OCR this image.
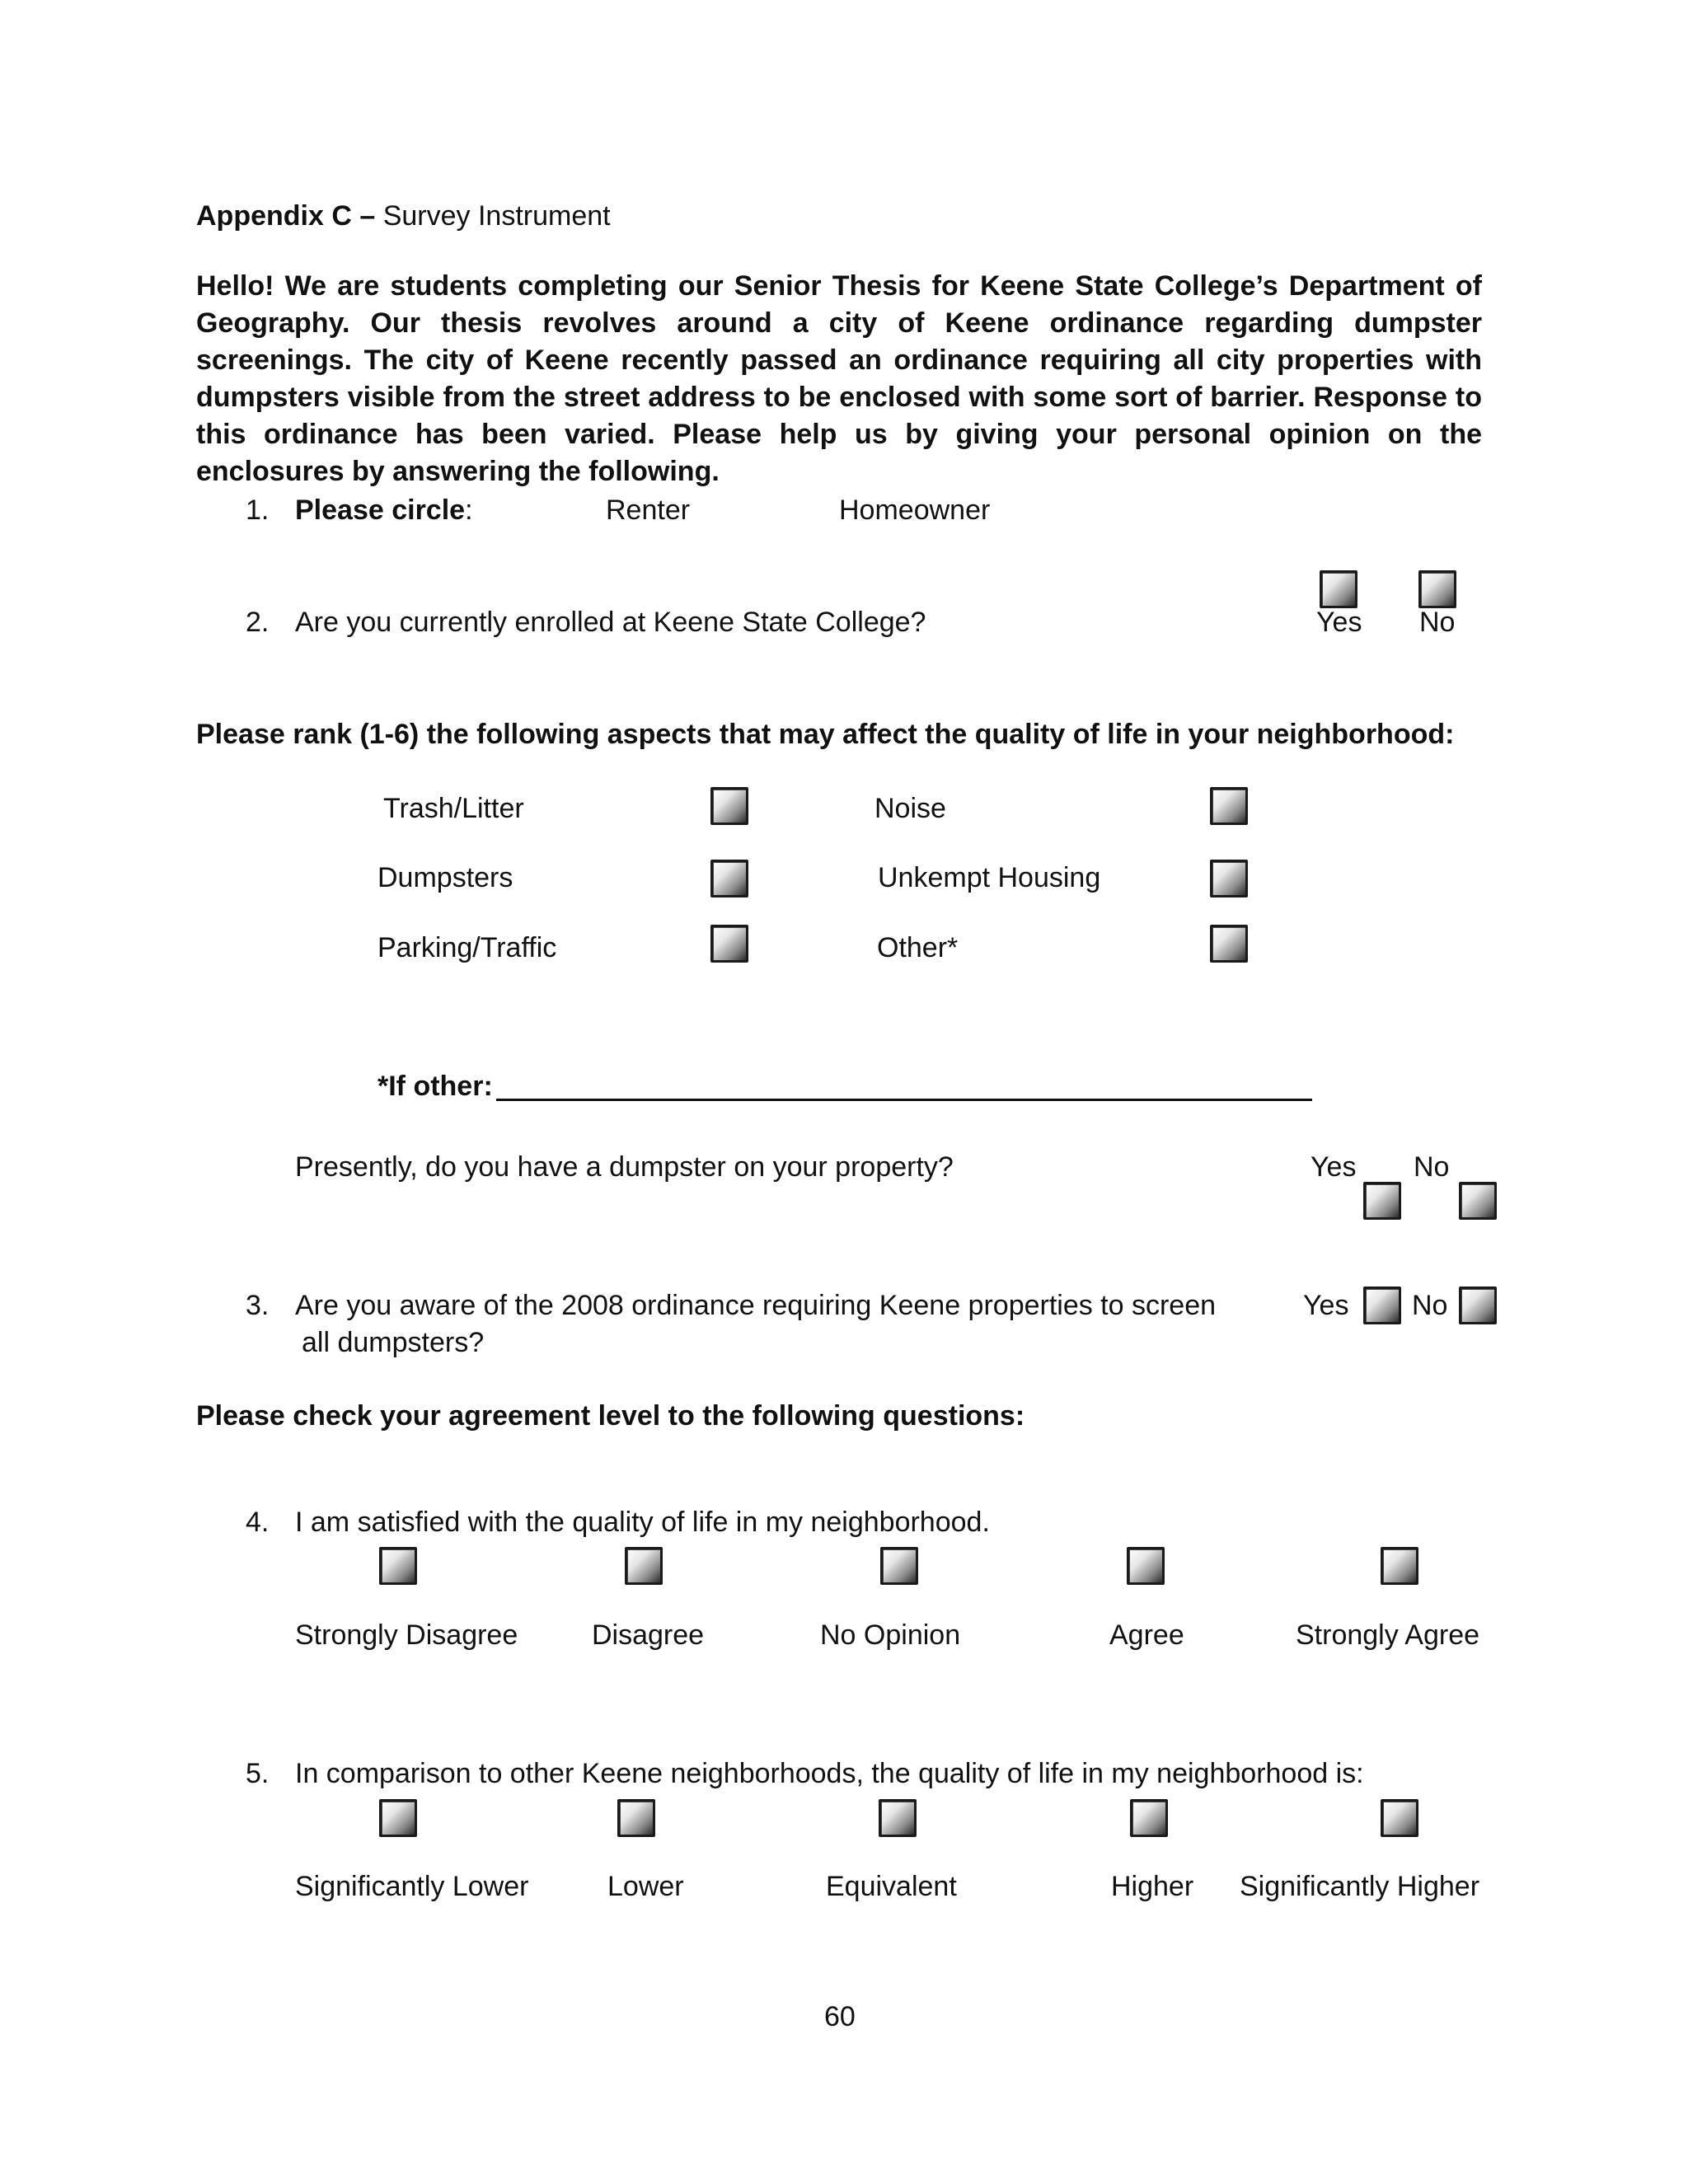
Appendix C – Survey Instrument
Hello! We are students completing our Senior Thesis for Keene State College’s Department of Geography. Our thesis revolves around a city of Keene ordinance regarding dumpster screenings. The city of Keene recently passed an ordinance requiring all city properties with dumpsters visible from the street address to be enclosed with some sort of barrier. Response to this ordinance has been varied. Please help us by giving your personal opinion on the enclosures by answering the following.
1. Please circle:	Renter	Homeowner
2. Are you currently enrolled at Keene State College?	Yes No
Please rank (1-6) the following aspects that may affect the quality of life in your neighborhood:
Trash/Litter	Noise
Dumpsters	Unkempt Housing
Parking/Traffic	Other*
*If other:
Presently, do you have a dumpster on your property?	Yes No
3. Are you aware of the 2008 ordinance requiring Keene properties to screen
all dumpsters?
Yes No
Please check your agreement level to the following questions:
4. I am satisfied with the quality of life in my neighborhood.
Strongly Disagree	Disagree	No Opinion	Agree	Strongly Agree
5. In comparison to other Keene neighborhoods, the quality of life in my neighborhood is:
Significantly Lower	Lower	Equivalent	Higher Significantly Higher
60
